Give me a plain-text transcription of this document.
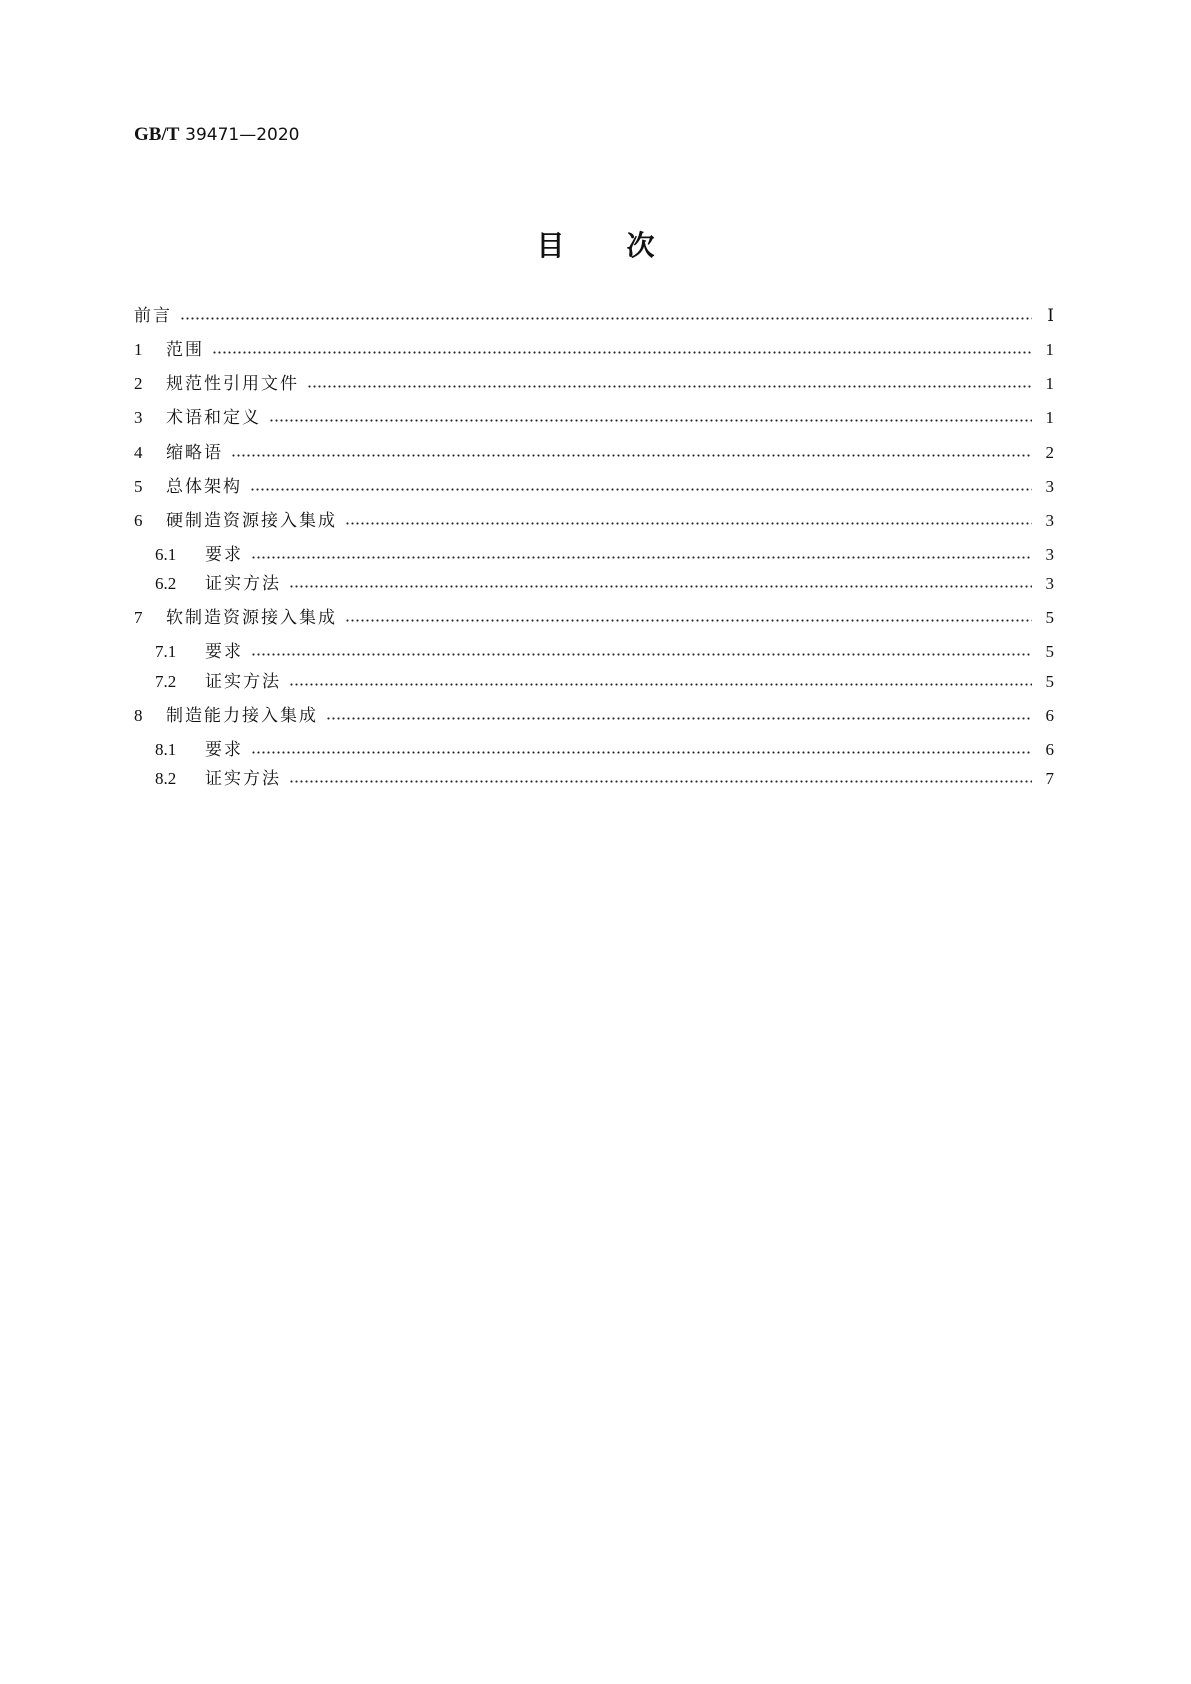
GB/T 39471—2020
目次
前言	Ⅰ
1	范围	1
2	规范性引用文件	1
3	术语和定义	1
4	缩略语	2
5	总体架构	3
6	硬制造资源接入集成	3
6.1	要求	3
6.2	证实方法	3
7	软制造资源接入集成	5
7.1	要求	5
7.2	证实方法	5
8	制造能力接入集成	6
8.1	要求	6
8.2	证实方法	7
